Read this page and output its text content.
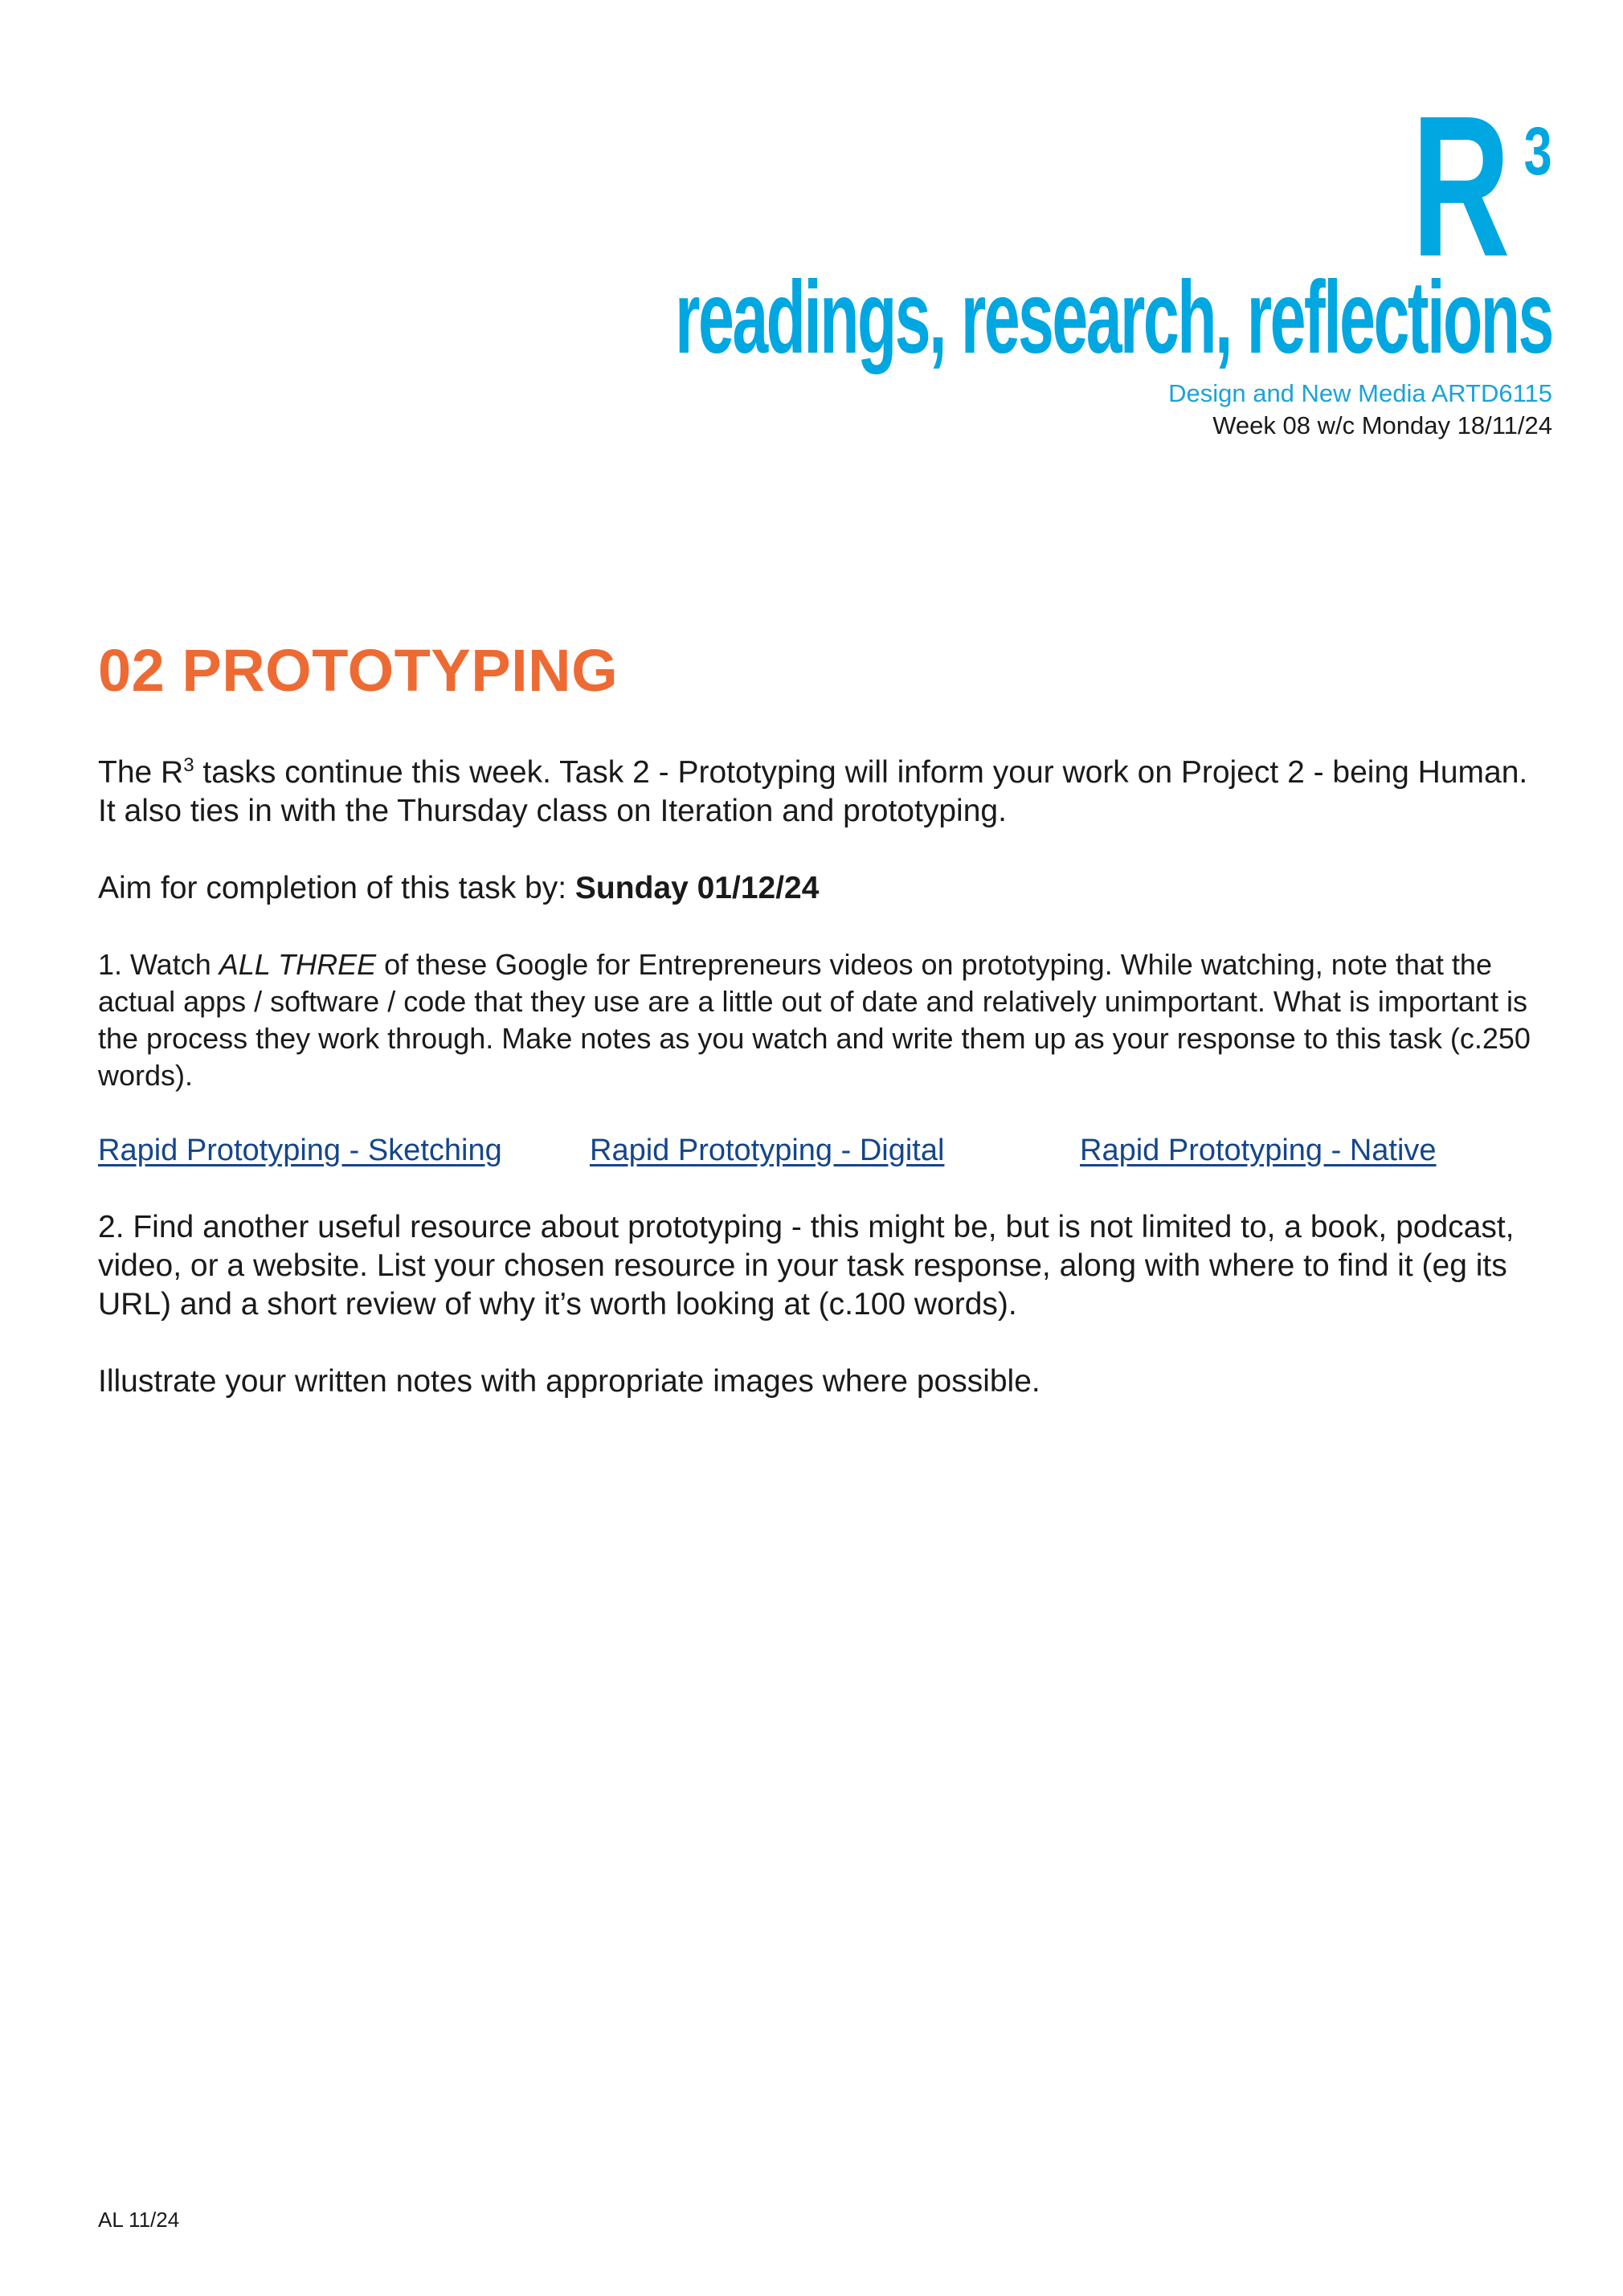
R 3
readings, research, reflections
Design and New Media ARTD6115
Week 08 w/c Monday 18/11/24
02 PROTOTYPING

The $R^3$ tasks continue this week. Task 2 - Prototyping will inform your work on Project 2 - being Human. It also ties in with the Thursday class on Iteration and prototyping.

Aim for completion of this task by: Sunday 01/12/24

1. Watch ALL THREE of these Google for Entrepreneurs videos on prototyping. While watching, note that the actual apps / software / code that they use are a little out of date and relatively unimportant. What is important is the process they work through. Make notes as you watch and write them up as your response to this task (c.250 words).

Rapid Prototyping - Sketching	Rapid Prototyping - Digital	Rapid Prototyping - Native

2. Find another useful resource about prototyping - this might be, but is not limited to, a book, podcast, video, or a website. List your chosen resource in your task response, along with where to find it (eg its URL) and a short review of why it’s worth looking at (c.100 words).

Illustrate your written notes with appropriate images where possible.

AL 11/24
